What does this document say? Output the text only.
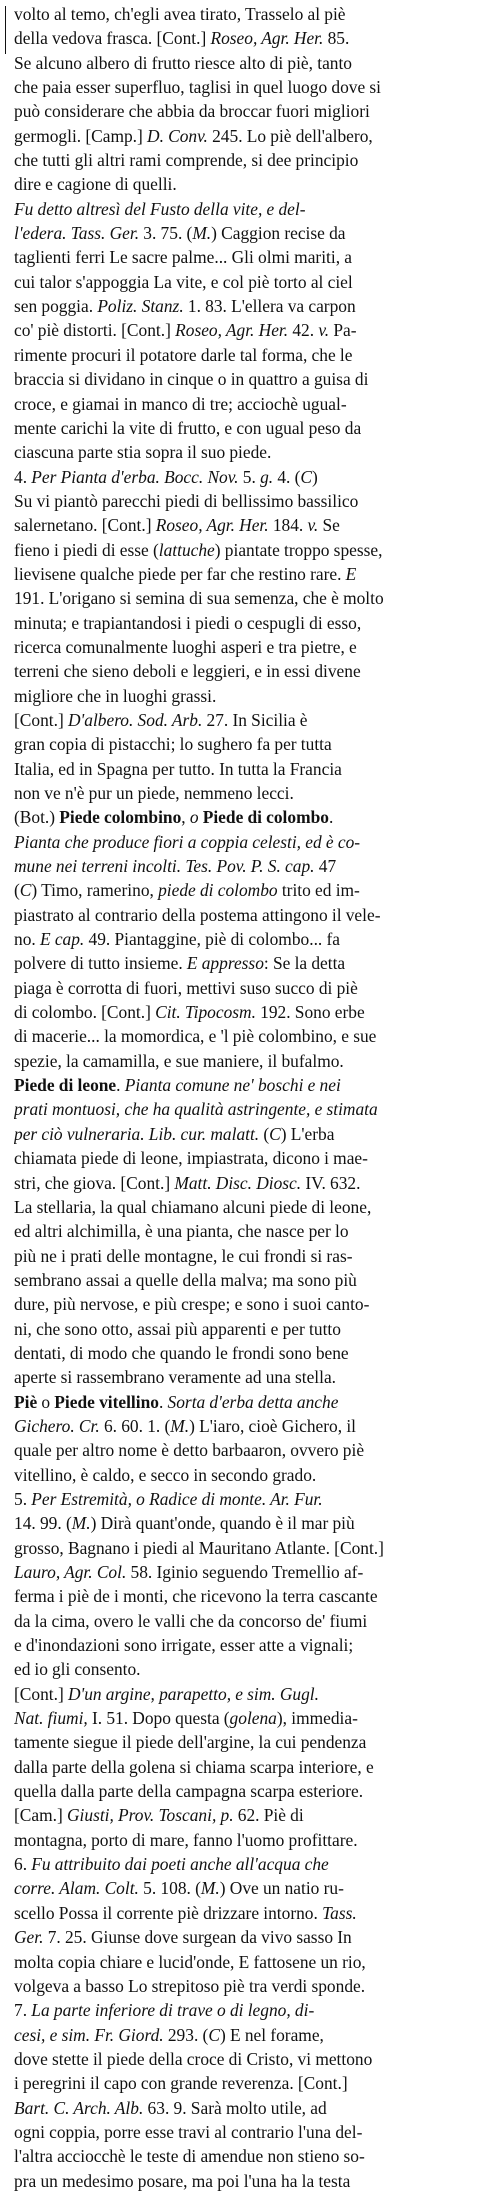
volto al temo, ch'egli avea tirato, Trasselo al piè
della vedova frasca. [Cont.] Roseo, Agr. Her. 85.
Se alcuno albero di frutto riesce alto di piè, tanto
che paia esser superfluo, taglisi in quel luogo dove si
può considerare che abbia da broccar fuori migliori
germogli. [Camp.] D. Conv. 245. Lo piè dell'albero,
che tutti gli altri rami comprende, si dee principio
dire e cagione di quelli.
Fu detto altresì del Fusto della vite, e del-
l'edera. Tass. Ger. 3. 75. (M.) Caggion recise da
taglienti ferri Le sacre palme... Gli olmi mariti, a
cui talor s'appoggia La vite, e col piè torto al ciel
sen poggia. Poliz. Stanz. 1. 83. L'ellera va carpon
co' piè distorti. [Cont.] Roseo, Agr. Her. 42. v. Pa-
rimente procuri il potatore darle tal forma, che le
braccia si dividano in cinque o in quattro a guisa di
croce, e giamai in manco di tre; acciochè ugual-
mente carichi la vite di frutto, e con ugual peso da
ciascuna parte stia sopra il suo piede.
4. Per Pianta d'erba. Bocc. Nov. 5. g. 4. (C)
Su vi piantò parecchi piedi di bellissimo bassilico
salernetano. [Cont.] Roseo, Agr. Her. 184. v. Se
fieno i piedi di esse (lattuche) piantate troppo spesse,
lievisene qualche piede per far che restino rare. E
191. L'origano si semina di sua semenza, che è molto
minuta; e trapiantandosi i piedi o cespugli di esso,
ricerca comunalmente luoghi asperi e tra pietre, e
terreni che sieno deboli e leggieri, e in essi divene
migliore che in luoghi grassi.
[Cont.] D'albero. Sod. Arb. 27. In Sicilia è
gran copia di pistacchi; lo sughero fa per tutta
Italia, ed in Spagna per tutto. In tutta la Francia
non ve n'è pur un piede, nemmeno lecci.
(Bot.) Piede colombino, o Piede di colombo.
Pianta che produce fiori a coppia celesti, ed è co-
mune nei terreni incolti. Tes. Pov. P. S. cap. 47
(C) Timo, ramerino, piede di colombo trito ed im-
piastrato al contrario della postema attingono il vele-
no. E cap. 49. Piantaggine, piè di colombo... fa
polvere di tutto insieme. E appresso: Se la detta
piaga è corrotta di fuori, mettivi suso succo di piè
di colombo. [Cont.] Cit. Tipocosm. 192. Sono erbe
di macerie... la momordica, e 'l piè colombino, e sue
spezie, la camamilla, e sue maniere, il bufalmo.
Piede di leone. Pianta comune ne' boschi e nei
prati montuosi, che ha qualità astringente, e stimata
per ciò vulneraria. Lib. cur. malatt. (C) L'erba
chiamata piede di leone, impiastrata, dicono i mae-
stri, che giova. [Cont.] Matt. Disc. Diosc. IV. 632.
La stellaria, la qual chiamano alcuni piede di leone,
ed altri alchimilla, è una pianta, che nasce per lo
più ne i prati delle montagne, le cui frondi si ras-
sembrano assai a quelle della malva; ma sono più
dure, più nervose, e più crespe; e sono i suoi canto-
ni, che sono otto, assai più apparenti e per tutto
dentati, di modo che quando le frondi sono bene
aperte si rassembrano veramente ad una stella.
Piè o Piede vitellino. Sorta d'erba detta anche
Gichero. Cr. 6. 60. 1. (M.) L'iaro, cioè Gichero, il
quale per altro nome è detto barbaaron, ovvero piè
vitellino, è caldo, e secco in secondo grado.
5. Per Estremità, o Radice di monte. Ar. Fur.
14. 99. (M.) Dirà quant'onde, quando è il mar più
grosso, Bagnano i piedi al Mauritano Atlante. [Cont.]
Lauro, Agr. Col. 58. Iginio seguendo Tremellio af-
ferma i piè de i monti, che ricevono la terra cascante
da la cima, overo le valli che da concorso de' fiumi
e d'inondazioni sono irrigate, esser atte a vignali;
ed io gli consento.
[Cont.] D'un argine, parapetto, e sim. Gugl.
Nat. fiumi, I. 51. Dopo questa (golena), immedia-
tamente siegue il piede dell'argine, la cui pendenza
dalla parte della golena si chiama scarpa interiore, e
quella dalla parte della campagna scarpa esteriore.
[Cam.] Giusti, Prov. Toscani, p. 62. Piè di
montagna, porto di mare, fanno l'uomo profittare.
6. Fu attribuito dai poeti anche all'acqua che
corre. Alam. Colt. 5. 108. (M.) Ove un natio ru-
scello Possa il corrente piè drizzare intorno. Tass.
Ger. 7. 25. Giunse dove surgean da vivo sasso In
molta copia chiare e lucid'onde, E fattosene un rio,
volgeva a basso Lo strepitoso piè tra verdi sponde.
7. La parte inferiore di trave o di legno, di-
cesi, e sim. Fr. Giord. 293. (C) E nel forame,
dove stette il piede della croce di Cristo, vi mettono
i peregrini il capo con grande reverenza. [Cont.]
Bart. C. Arch. Alb. 63. 9. Sarà molto utile, ad
ogni coppia, porre esse travi al contrario l'una del-
l'altra acciocchè le teste di amendue non stieno so-
pra un medesimo posare, ma poi l'una ha la testa
